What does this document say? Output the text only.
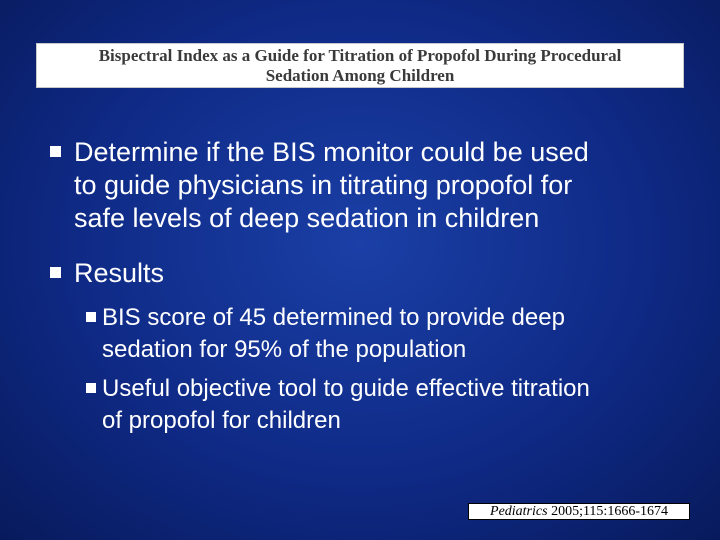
Bispectral Index as a Guide for Titration of Propofol During Procedural
Sedation Among Children
Determine if the BIS monitor could be used
to guide physicians in titrating propofol for
safe levels of deep sedation in children
Results
BIS score of 45 determined to provide deep
sedation for 95% of the population
Useful objective tool to guide effective titration
of propofol for children
Pediatrics 2005;115:1666-1674
